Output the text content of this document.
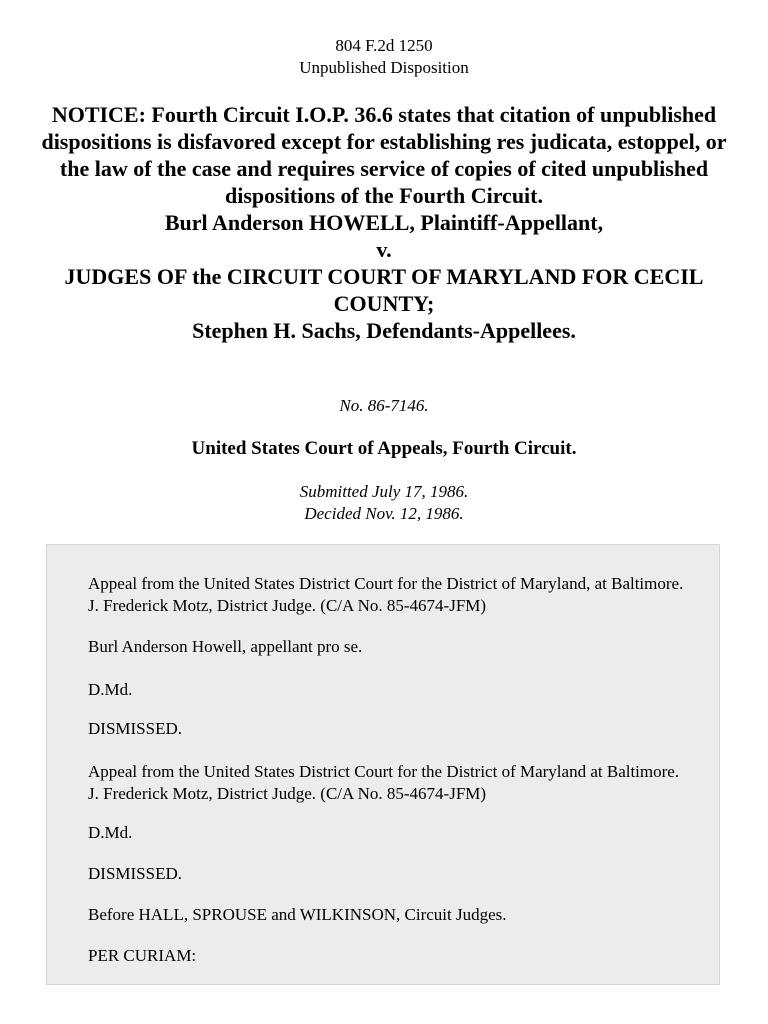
804 F.2d 1250
Unpublished Disposition
NOTICE: Fourth Circuit I.O.P. 36.6 states that citation of unpublished dispositions is disfavored except for establishing res judicata, estoppel, or the law of the case and requires service of copies of cited unpublished dispositions of the Fourth Circuit.
Burl Anderson HOWELL, Plaintiff-Appellant,
v.
JUDGES OF the CIRCUIT COURT OF MARYLAND FOR CECIL COUNTY;
Stephen H. Sachs, Defendants-Appellees.
No. 86-7146.
United States Court of Appeals, Fourth Circuit.
Submitted July 17, 1986.
Decided Nov. 12, 1986.

Appeal from the United States District Court for the District of Maryland, at Baltimore. J. Frederick Motz, District Judge. (C/A No. 85-4674-JFM)

Burl Anderson Howell, appellant pro se.

D.Md.

DISMISSED.

Appeal from the United States District Court for the District of Maryland at Baltimore. J. Frederick Motz, District Judge. (C/A No. 85-4674-JFM)

D.Md.

DISMISSED.

Before HALL, SPROUSE and WILKINSON, Circuit Judges.

PER CURIAM:
